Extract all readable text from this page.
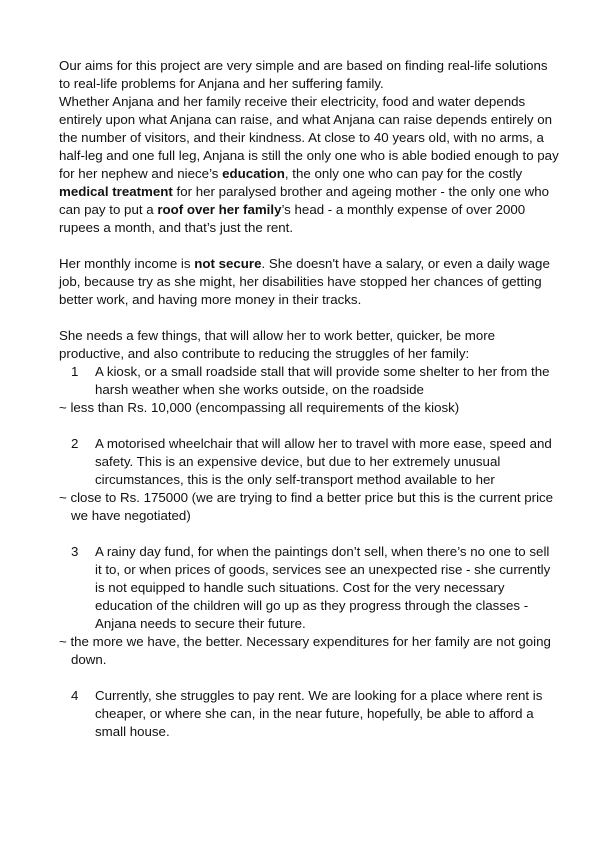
Our aims for this project are very simple and are based on finding real-life solutions to real-life problems for Anjana and her suffering family.

Whether Anjana and her family receive their electricity, food and water depends entirely upon what Anjana can raise, and what Anjana can raise depends entirely on the number of visitors, and their kindness. At close to 40 years old, with no arms, a half-leg and one full leg, Anjana is still the only one who is able bodied enough to pay for her nephew and niece’s education, the only one who can pay for the costly medical treatment for her paralysed brother and ageing mother - the only one who can pay to put a roof over her family’s head - a monthly expense of over 2000 rupees a month, and that’s just the rent.

Her monthly income is not secure. She doesn't have a salary, or even a daily wage job, because try as she might, her disabilities have stopped her chances of getting better work, and having more money in their tracks.

She needs a few things, that will allow her to work better, quicker, be more productive, and also contribute to reducing the struggles of her family:

1 A kiosk, or a small roadside stall that will provide some shelter to her from the harsh weather when she works outside, on the roadside

~ less than Rs. 10,000 (encompassing all requirements of the kiosk)

2 A motorised wheelchair that will allow her to travel with more ease, speed and safety. This is an expensive device, but due to her extremely unusual circumstances, this is the only self-transport method available to her

~ close to Rs. 175000 (we are trying to find a better price but this is the current price we have negotiated)

3 A rainy day fund, for when the paintings don’t sell, when there’s no one to sell it to, or when prices of goods, services see an unexpected rise - she currently is not equipped to handle such situations. Cost for the very necessary education of the children will go up as they progress through the classes - Anjana needs to secure their future.

~ the more we have, the better. Necessary expenditures for her family are not going down.

4 Currently, she struggles to pay rent. We are looking for a place where rent is cheaper, or where she can, in the near future, hopefully, be able to afford a small house.
